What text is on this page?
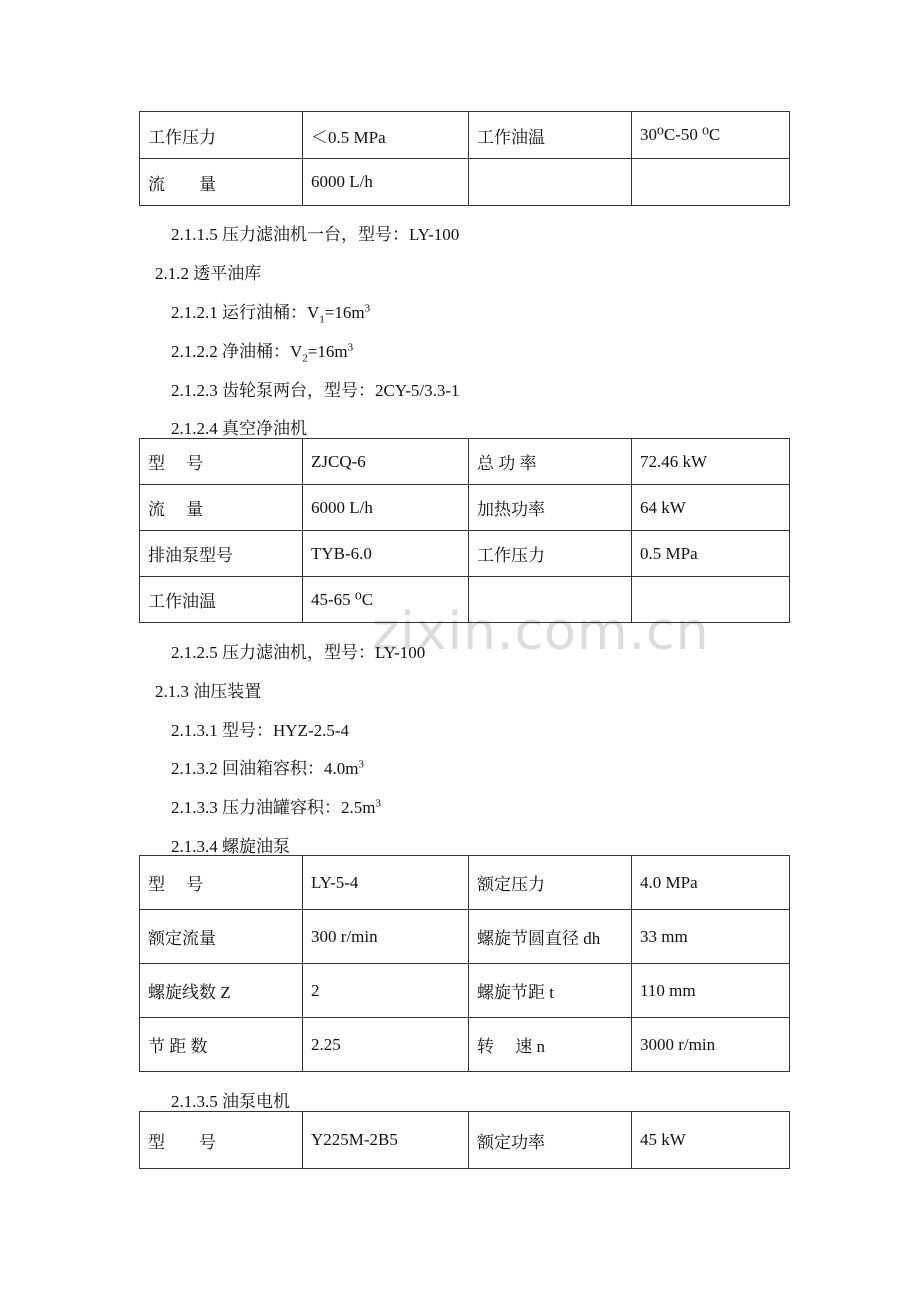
zixin.com.cn
工作压力	＜0.5 MPa	工作油温	30⁰C-50 ⁰C
流　　量	6000 L/h		
2.1.1.5 压力滤油机一台，型号：LY-100
2.1.2 透平油库
2.1.2.1 运行油桶：$V_1=16m^3$
2.1.2.2 净油桶：$V_2=16m^3$
2.1.2.3 齿轮泵两台，型号：2CY-5/3.3-1
2.1.2.4 真空净油机
型　 号	ZJCQ-6	总 功 率	72.46 kW
流　 量	6000 L/h	加热功率	64 kW
排油泵型号	TYB-6.0	工作压力	0.5 MPa
工作油温	45-65 ⁰C		
2.1.2.5 压力滤油机，型号：LY-100
2.1.3 油压装置
2.1.3.1 型号：HYZ-2.5-4
2.1.3.2 回油箱容积：$4.0m^3$
2.1.3.3 压力油罐容积：$2.5m^3$
2.1.3.4 螺旋油泵
型　 号	LY-5-4	额定压力	4.0 MPa
额定流量	300 r/min	螺旋节圆直径 dh	33 mm
螺旋线数 Z	2	螺旋节距 t	110 mm
节 距 数	2.25	转　 速 n	3000 r/min
2.1.3.5 油泵电机
型　　号	Y225M-2B5	额定功率	45 kW
